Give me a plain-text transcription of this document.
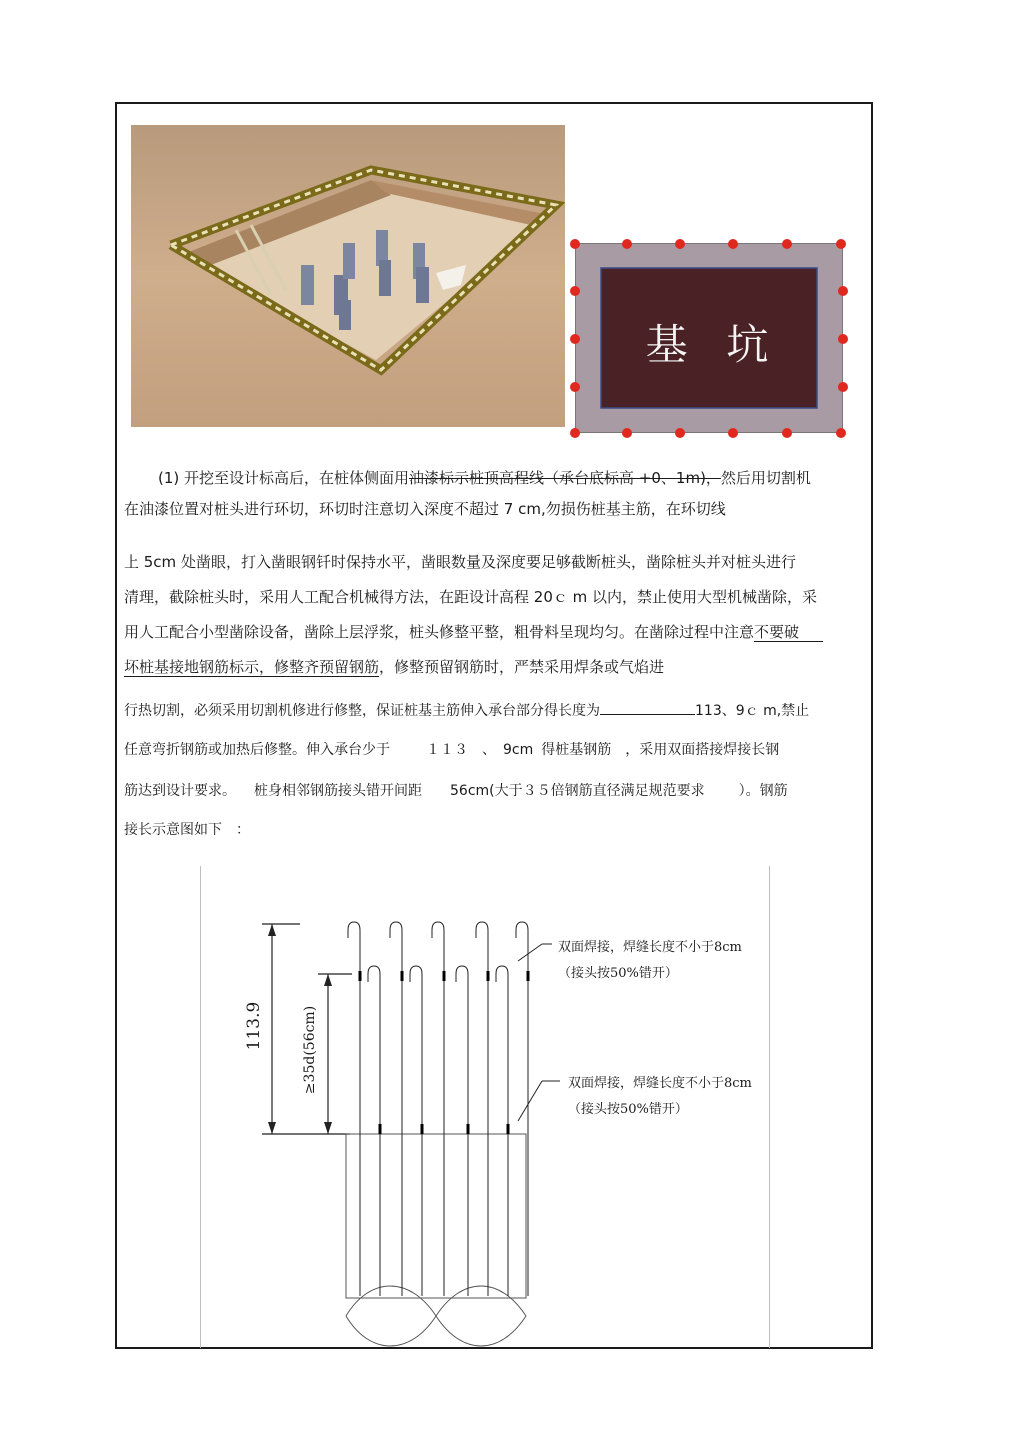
基  坑
(1) 开挖至设计标高后，在桩体侧面用油漆标示桩顶高程线（承台底标高 +0、1m)，然后用切割机
在油漆位置对桩头进行环切，环切时注意切入深度不超过 7 cm,勿损伤桩基主筋，在环切线
上 5cm 处凿眼，打入凿眼钢钎时保持水平，凿眼数量及深度要足够截断桩头，凿除桩头并对桩头进行
清理，截除桩头时，采用人工配合机械得方法，在距设计高程 20ｃ m 以内，禁止使用大型机械凿除，采
用人工配合小型凿除设备，凿除上层浮浆，桩头修整平整，粗骨料呈现均匀。在凿除过程中注意不要破
坏桩基接地钢筋标示，修整齐预留钢筋，修整预留钢筋时，严禁采用焊条或气焰进
行热切割，必须采用切割机修进行修整，保证桩基主筋伸入承台部分得长度为	113、9ｃ m,禁止
任意弯折钢筋或加热后修整。伸入承台少于	１１３　、　9cm 得桩基钢筋 ，采用双面搭接焊接长钢
筋达到设计要求。 桩身相邻钢筋接头错开间距 56cm(大于３５倍钢筋直径满足规范要求 ）。钢筋
接长示意图如下　：
113.9	≥35d(56cm)
双面焊接，焊缝长度不小于8cm
（接头按50%错开）
双面焊接，焊缝长度不小于8cm
（接头按50%错开）
